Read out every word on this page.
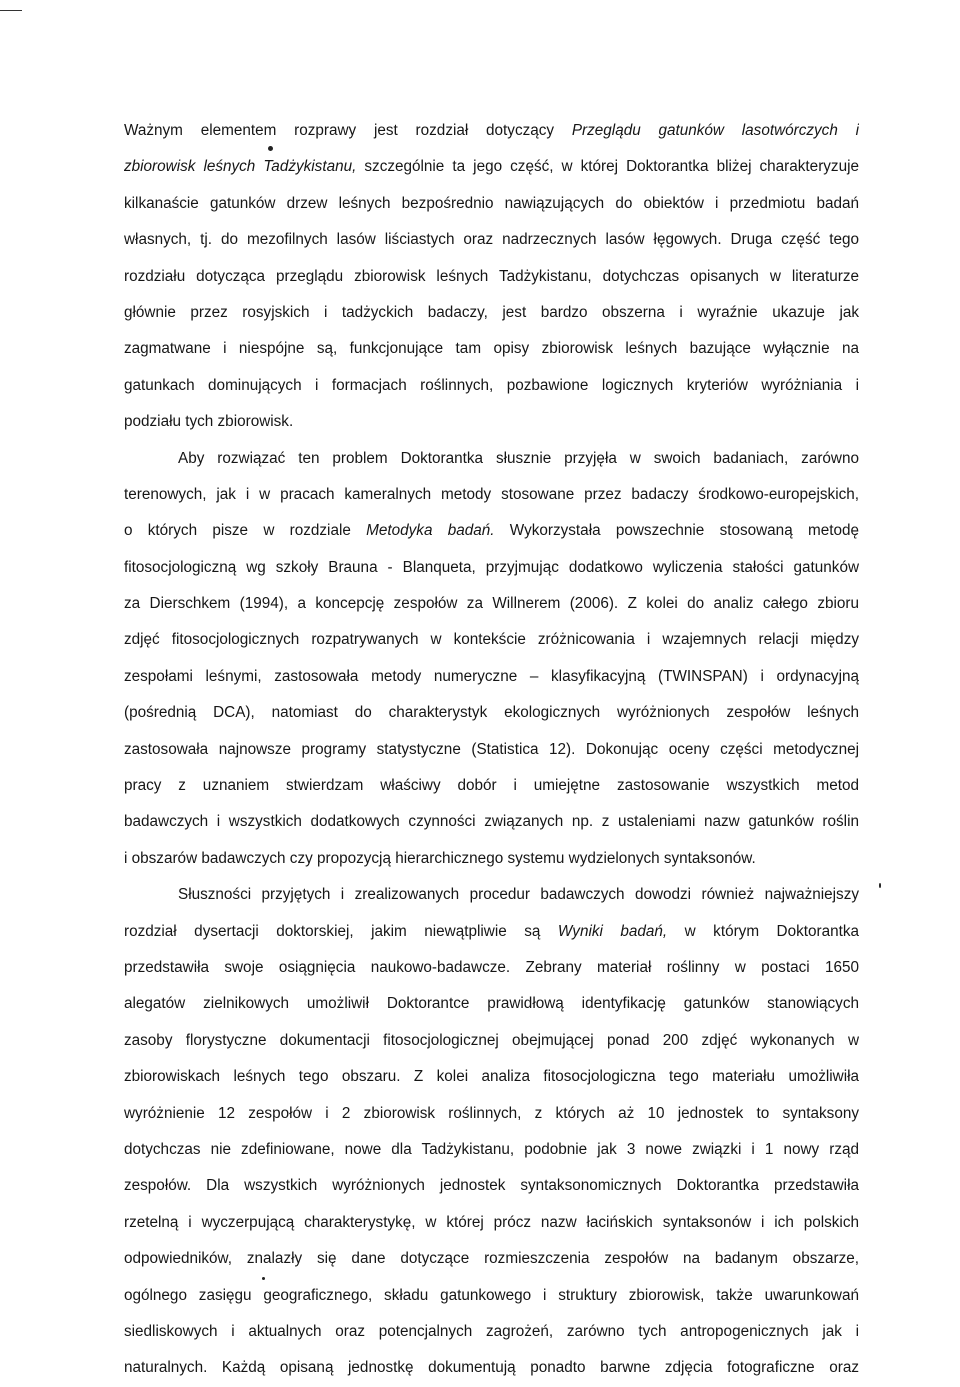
Ważnym elementem rozprawy jest rozdział dotyczący Przeglądu gatunków lasotwórczych i
zbiorowisk leśnych Tadżykistanu, szczególnie ta jego część, w której Doktorantka bliżej charakteryzuje
kilkanaście gatunków drzew leśnych bezpośrednio nawiązujących do obiektów i przedmiotu badań
własnych, tj. do mezofilnych lasów liściastych oraz nadrzecznych lasów łęgowych. Druga część tego
rozdziału dotycząca przeglądu zbiorowisk leśnych Tadżykistanu, dotychczas opisanych w literaturze
głównie przez rosyjskich i tadżyckich badaczy, jest bardzo obszerna i wyraźnie ukazuje jak
zagmatwane i niespójne są, funkcjonujące tam opisy zbiorowisk leśnych bazujące wyłącznie na
gatunkach dominujących i formacjach roślinnych, pozbawione logicznych kryteriów wyróżniania i
podziału tych zbiorowisk.
Aby rozwiązać ten problem Doktorantka słusznie przyjęła w swoich badaniach, zarówno
terenowych, jak i w pracach kameralnych metody stosowane przez badaczy środkowo-europejskich,
o których pisze w rozdziale Metodyka badań. Wykorzystała powszechnie stosowaną metodę
fitosocjologiczną wg szkoły Brauna - Blanqueta, przyjmując dodatkowo wyliczenia stałości gatunków
za Dierschkem (1994), a koncepcję zespołów za Willnerem (2006). Z kolei do analiz całego zbioru
zdjęć fitosocjologicznych rozpatrywanych w kontekście zróżnicowania i wzajemnych relacji między
zespołami leśnymi, zastosowała metody numeryczne – klasyfikacyjną (TWINSPAN) i ordynacyjną
(pośrednią DCA), natomiast do charakterystyk ekologicznych wyróżnionych zespołów leśnych
zastosowała najnowsze programy statystyczne (Statistica 12). Dokonując oceny części metodycznej
pracy z uznaniem stwierdzam właściwy dobór i umiejętne zastosowanie wszystkich metod
badawczych i wszystkich dodatkowych czynności związanych np. z ustaleniami nazw gatunków roślin
i obszarów badawczych czy propozycją hierarchicznego systemu wydzielonych syntaksonów.
Słuszności przyjętych i zrealizowanych procedur badawczych dowodzi również najważniejszy
rozdział dysertacji doktorskiej, jakim niewątpliwie są Wyniki badań, w którym Doktorantka
przedstawiła swoje osiągnięcia naukowo-badawcze. Zebrany materiał roślinny w postaci 1650
alegatów zielnikowych umożliwił Doktorantce prawidłową identyfikację gatunków stanowiących
zasoby florystyczne dokumentacji fitosocjologicznej obejmującej ponad 200 zdjęć wykonanych w
zbiorowiskach leśnych tego obszaru. Z kolei analiza fitosocjologiczna tego materiału umożliwiła
wyróżnienie 12 zespołów i 2 zbiorowisk roślinnych, z których aż 10 jednostek to syntaksony
dotychczas nie zdefiniowane, nowe dla Tadżykistanu, podobnie jak 3 nowe związki i 1 nowy rząd
zespołów. Dla wszystkich wyróżnionych jednostek syntaksonomicznych Doktorantka przedstawiła
rzetelną i wyczerpującą charakterystykę, w której prócz nazw łacińskich syntaksonów i ich polskich
odpowiedników, znalazły się dane dotyczące rozmieszczenia zespołów na badanym obszarze,
ogólnego zasięgu geograficznego, składu gatunkowego i struktury zbiorowisk, także uwarunkowań
siedliskowych i aktualnych oraz potencjalnych zagrożeń, zarówno tych antropogenicznych jak i
naturalnych. Każdą opisaną jednostkę dokumentują ponadto barwne zdjęcia fotograficzne oraz
